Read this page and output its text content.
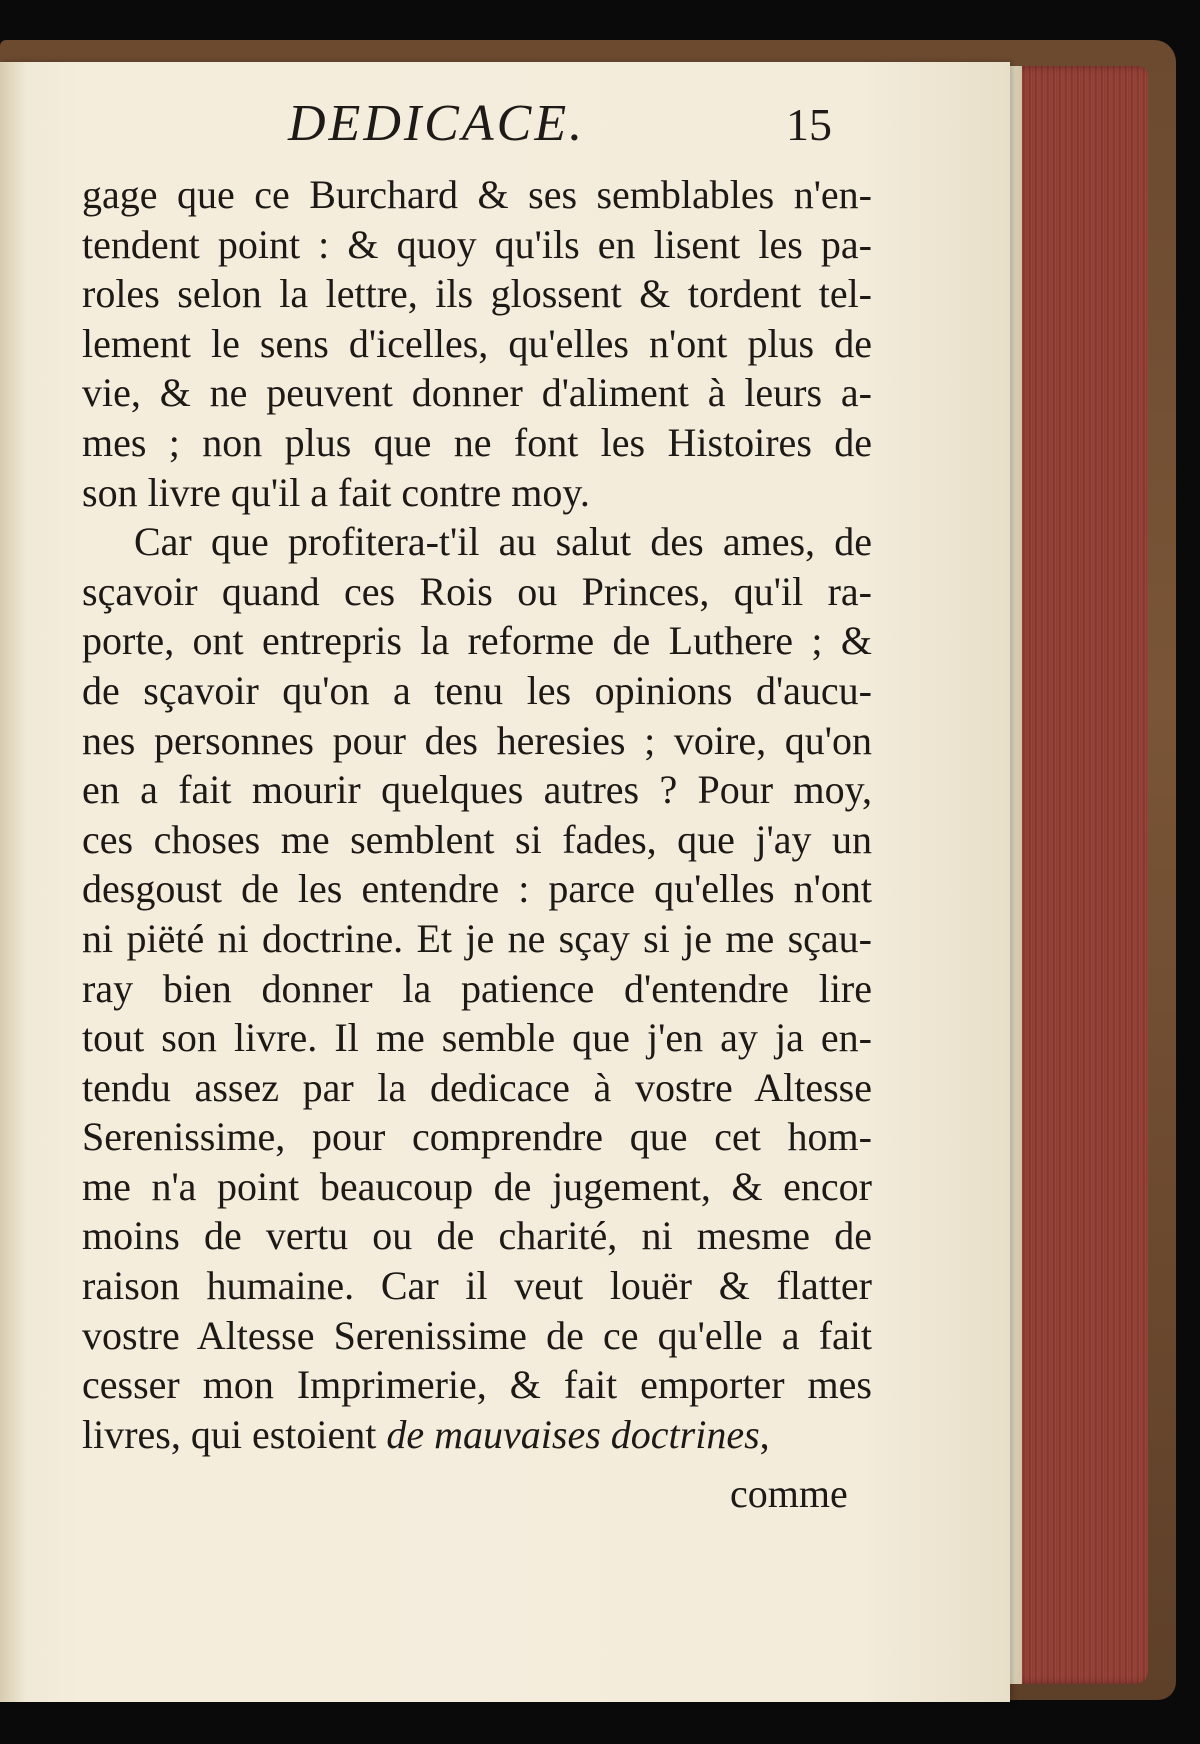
DEDICACE.	15
gage que ce Burchard & ses semblables n'en-
tendent point : & quoy qu'ils en lisent les pa-
roles selon la lettre, ils glossent & tordent tel-
lement le sens d'icelles, qu'elles n'ont plus de
vie, & ne peuvent donner d'aliment à leurs a-
mes ; non plus que ne font les Histoires de
son livre qu'il a fait contre moy.
Car que profitera-t'il au salut des ames, de
sçavoir quand ces Rois ou Princes, qu'il ra-
porte, ont entrepris la reforme de Luthere ; &
de sçavoir qu'on a tenu les opinions d'aucu-
nes personnes pour des heresies ; voire, qu'on
en a fait mourir quelques autres ? Pour moy,
ces choses me semblent si fades, que j'ay un
desgoust de les entendre : parce qu'elles n'ont
ni piëté ni doctrine. Et je ne sçay si je me sçau-
ray bien donner la patience d'entendre lire
tout son livre. Il me semble que j'en ay ja en-
tendu assez par la dedicace à vostre Altesse
Serenissime, pour comprendre que cet hom-
me n'a point beaucoup de jugement, & encor
moins de vertu ou de charité, ni mesme de
raison humaine. Car il veut louër & flatter
vostre Altesse Serenissime de ce qu'elle a fait
cesser mon Imprimerie, & fait emporter mes
livres, qui estoient de mauvaises doctrines,
comme
